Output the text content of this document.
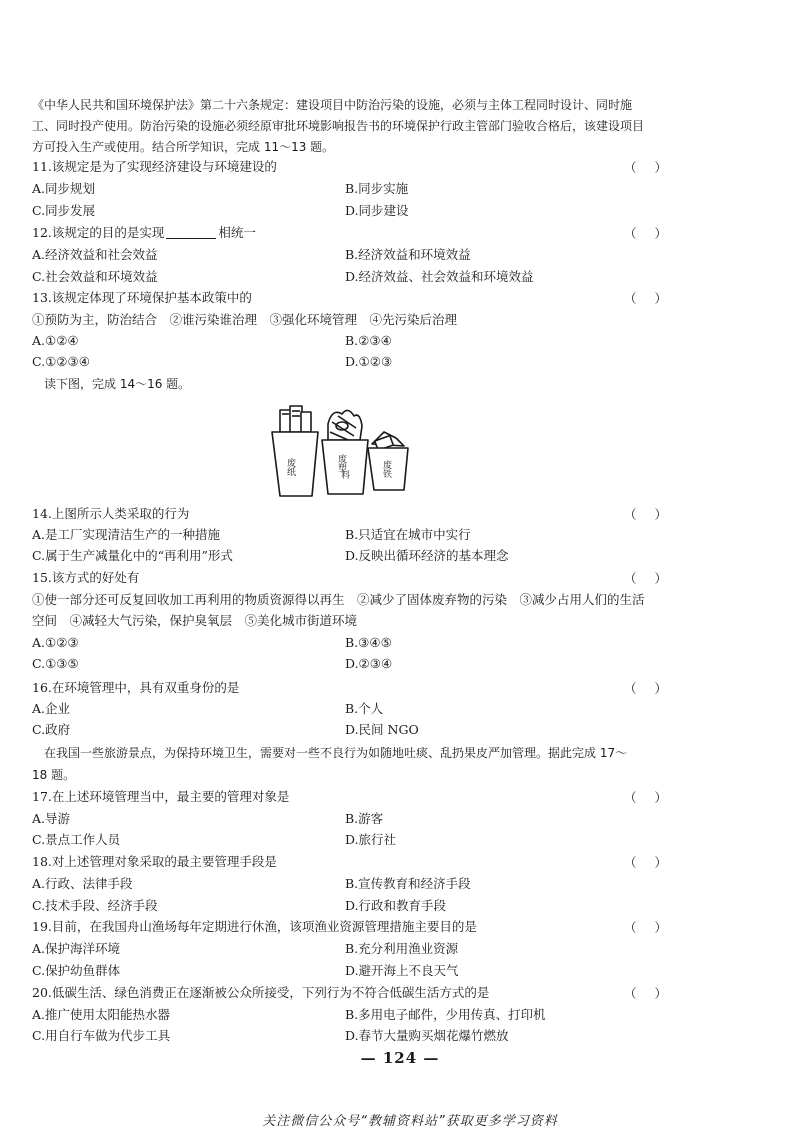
《中华人民共和国环境保护法》第二十六条规定：建设项目中防治污染的设施，必须与主体工程同时设计、同时施
工、同时投产使用。防治污染的设施必须经原审批环境影响报告书的环境保护行政主管部门验收合格后，该建设项目
方可投入生产或使用。结合所学知识，完成 11～13 题。
11.该规定是为了实现经济建设与环境建设的	（ ）
A.同步规划	B.同步实施
C.同步发展	D.同步建设
12.该规定的目的是实现	相统一	（ ）
A.经济效益和社会效益	B.经济效益和环境效益
C.社会效益和环境效益	D.经济效益、社会效益和环境效益
13.该规定体现了环境保护基本政策中的	（ ）
①预防为主，防治结合　②谁污染谁治理　③强化环境管理　④先污染后治理
A.①②④	B.②③④
C.①②③④	D.①②③
读下图，完成 14～16 题。
废纸	废塑
料	废铁
14.上图所示人类采取的行为	（ ）
A.是工厂实现清洁生产的一种措施	B.只适宜在城市中实行
C.属于生产减量化中的“再利用”形式	D.反映出循环经济的基本理念
15.该方式的好处有	（ ）
①使一部分还可反复回收加工再利用的物质资源得以再生　②减少了固体废弃物的污染　③减少占用人们的生活
空间　④减轻大气污染，保护臭氧层　⑤美化城市街道环境
A.①②③	B.③④⑤
C.①③⑤	D.②③④
16.在环境管理中，具有双重身份的是	（ ）
A.企业	B.个人
C.政府	D.民间 NGO
在我国一些旅游景点，为保持环境卫生，需要对一些不良行为如随地吐痰、乱扔果皮严加管理。据此完成 17～
18 题。
17.在上述环境管理当中，最主要的管理对象是	（ ）
A.导游	B.游客
C.景点工作人员	D.旅行社
18.对上述管理对象采取的最主要管理手段是	（ ）
A.行政、法律手段	B.宣传教育和经济手段
C.技术手段、经济手段	D.行政和教育手段
19.目前，在我国舟山渔场每年定期进行休渔，该项渔业资源管理措施主要目的是	（ ）
A.保护海洋环境	B.充分利用渔业资源
C.保护幼鱼群体	D.避开海上不良天气
20.低碳生活、绿色消费正在逐渐被公众所接受，下列行为不符合低碳生活方式的是	（ ）
A.推广使用太阳能热水器	B.多用电子邮件，少用传真、打印机
C.用自行车做为代步工具	D.春节大量购买烟花爆竹燃放
— 124 —
关注微信公众号“教辅资料站”获取更多学习资料
